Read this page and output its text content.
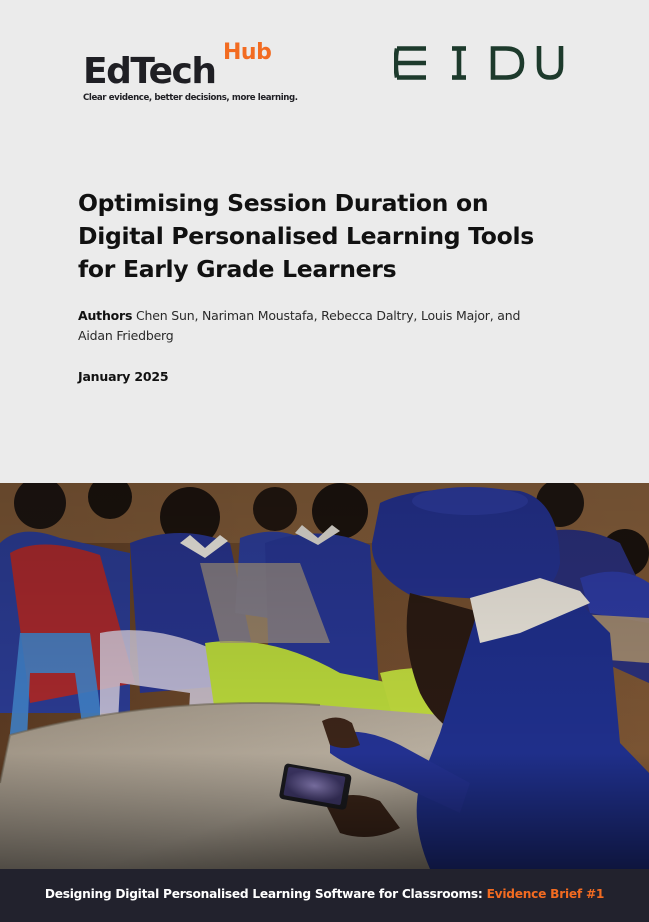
EdTech Hub
Clear evidence, better decisions, more learning.
Optimising Session Duration on
Digital Personalised Learning Tools
for Early Grade Learners
Authors Chen Sun, Nariman Moustafa, Rebecca Daltry, Louis Major, and
Aidan Friedberg
January 2025
Designing Digital Personalised Learning Software for Classrooms: Evidence Brief #1
